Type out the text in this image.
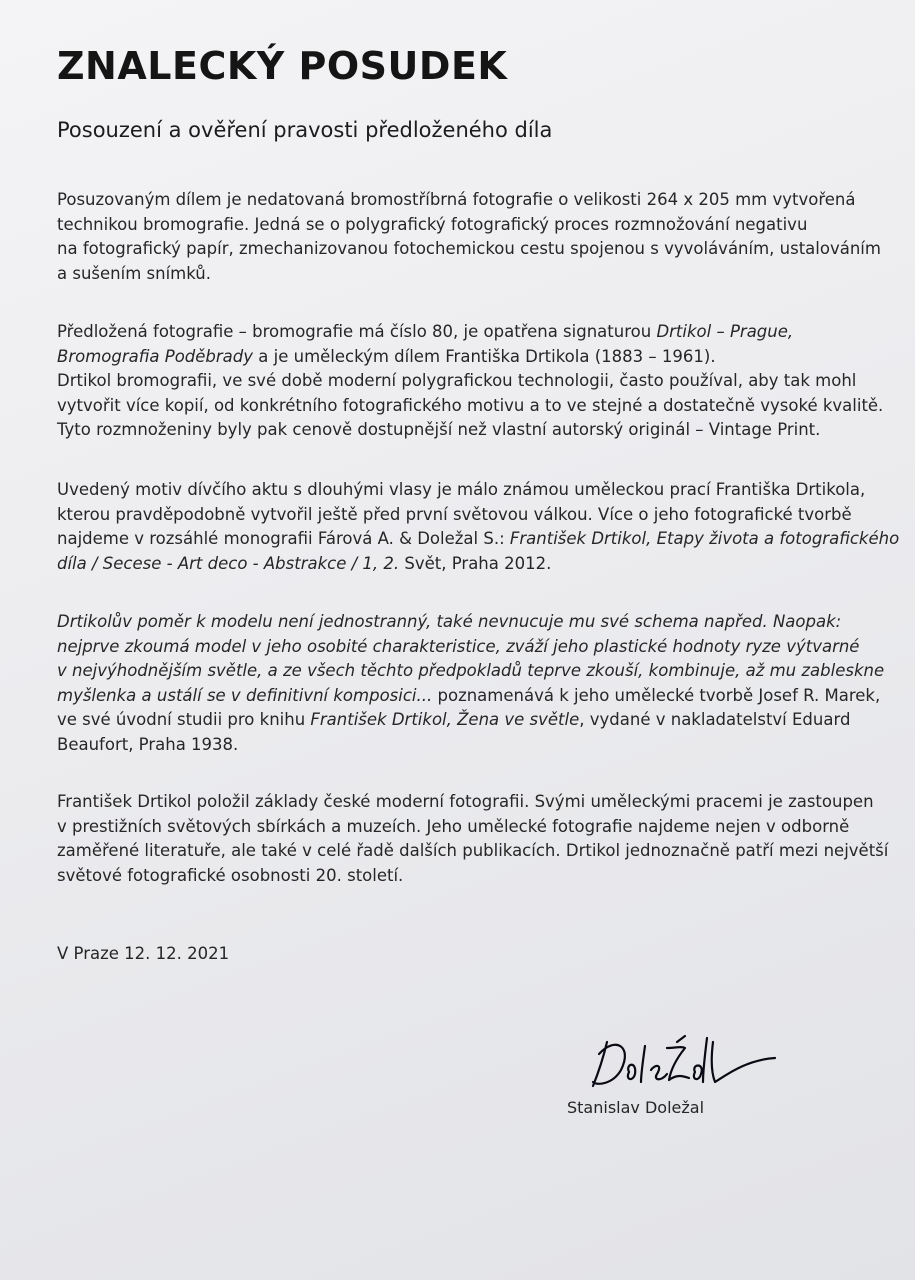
ZNALECKÝ POSUDEK
Posouzení a ověření pravosti předloženého díla

Posuzovaným dílem je nedatovaná bromostříbrná fotografie o velikosti 264 x 205 mm vytvořená
technikou bromografie. Jedná se o polygrafický fotografický proces rozmnožování negativu
na fotografický papír, zmechanizovanou fotochemickou cestu spojenou s vyvoláváním, ustalováním
a sušením snímků.

Předložená fotografie – bromografie má číslo 80, je opatřena signaturou Drtikol – Prague,
Bromografia Poděbrady a je uměleckým dílem Františka Drtikola (1883 – 1961).
Drtikol bromografii, ve své době moderní polygrafickou technologii, často používal, aby tak mohl
vytvořit více kopií, od konkrétního fotografického motivu a to ve stejné a dostatečně vysoké kvalitě.
Tyto rozmnoženiny byly pak cenově dostupnější než vlastní autorský originál – Vintage Print.

Uvedený motiv dívčího aktu s dlouhými vlasy je málo známou uměleckou prací Františka Drtikola,
kterou pravděpodobně vytvořil ještě před první světovou válkou. Více o jeho fotografické tvorbě
najdeme v rozsáhlé monografii Fárová A. & Doležal S.: František Drtikol, Etapy života a fotografického
díla / Secese - Art deco - Abstrakce / 1, 2. Svět, Praha 2012.

Drtikolův poměr k modelu není jednostranný, také nevnucuje mu své schema napřed. Naopak:
nejprve zkoumá model v jeho osobité charakteristice, zváží jeho plastické hodnoty ryze výtvarné
v nejvýhodnějším světle, a ze všech těchto předpokladů teprve zkouší, kombinuje, až mu zableskne
myšlenka a ustálí se v definitivní komposici... poznamenává k jeho umělecké tvorbě Josef R. Marek,
ve své úvodní studii pro knihu František Drtikol, Žena ve světle, vydané v nakladatelství Eduard
Beaufort, Praha 1938.

František Drtikol položil základy české moderní fotografii. Svými uměleckými pracemi je zastoupen
v prestižních světových sbírkách a muzeích. Jeho umělecké fotografie najdeme nejen v odborně
zaměřené literatuře, ale také v celé řadě dalších publikacích. Drtikol jednoznačně patří mezi největší
světové fotografické osobnosti 20. století.

V Praze 12. 12. 2021
Stanislav Doležal
